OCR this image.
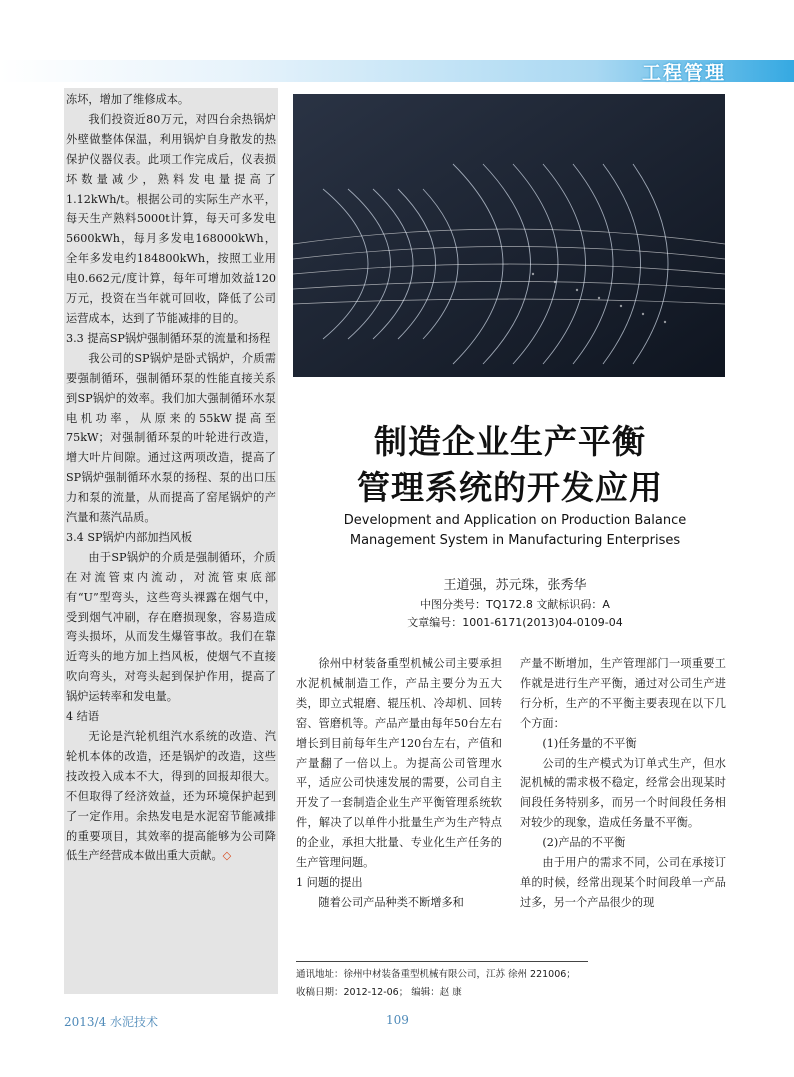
工程管理

冻坏，增加了维修成本。

我们投资近80万元，对四台余热锅炉外壁做整体保温，利用锅炉自身散发的热保护仪器仪表。此项工作完成后，仪表损坏数量减少，熟料发电量提高了1.12kWh/t。根据公司的实际生产水平，每天生产熟料5000t计算，每天可多发电5600kWh，每月多发电168000kWh，全年多发电约184800kWh，按照工业用电0.662元/度计算，每年可增加效益120万元，投资在当年就可回收，降低了公司运营成本，达到了节能减排的目的。

3.3 提高SP锅炉强制循环泵的流量和扬程

我公司的SP锅炉是卧式锅炉，介质需要强制循环，强制循环泵的性能直接关系到SP锅炉的效率。我们加大强制循环水泵电机功率，从原来的55kW提高至75kW；对强制循环泵的叶轮进行改造，增大叶片间隙。通过这两项改造，提高了SP锅炉强制循环水泵的扬程、泵的出口压力和泵的流量，从而提高了窑尾锅炉的产汽量和蒸汽品质。

3.4 SP锅炉内部加挡风板

由于SP锅炉的介质是强制循环，介质在对流管束内流动，对流管束底部有“U”型弯头，这些弯头裸露在烟气中，受到烟气冲刷，存在磨损现象，容易造成弯头损坏，从而发生爆管事故。我们在靠近弯头的地方加上挡风板，使烟气不直接吹向弯头，对弯头起到保护作用，提高了锅炉运转率和发电量。

4 结语

无论是汽轮机组汽水系统的改造、汽轮机本体的改造，还是锅炉的改造，这些技改投入成本不大，得到的回报却很大。不但取得了经济效益，还为环境保护起到了一定作用。余热发电是水泥窑节能减排的重要项目，其效率的提高能够为公司降低生产经营成本做出重大贡献。◇

制造企业生产平衡
管理系统的开发应用
Development and Application on Production Balance
Management System in Manufacturing Enterprises
王道强，苏元珠，张秀华
中图分类号：TQ172.8 文献标识码：A
文章编号：1001-6171(2013)04-0109-04

徐州中材装备重型机械公司主要承担水泥机械制造工作，产品主要分为五大类，即立式辊磨、辊压机、冷却机、回转窑、管磨机等。产品产量由每年50台左右增长到目前每年生产120台左右，产值和产量翻了一倍以上。为提高公司管理水平，适应公司快速发展的需要，公司自主开发了一套制造企业生产平衡管理系统软件，解决了以单件小批量生产为生产特点的企业，承担大批量、专业化生产任务的生产管理问题。

1 问题的提出

随着公司产品种类不断增多和

产量不断增加，生产管理部门一项重要工作就是进行生产平衡，通过对公司生产进行分析，生产的不平衡主要表现在以下几个方面：

(1)任务量的不平衡

公司的生产模式为订单式生产，但水泥机械的需求极不稳定，经常会出现某时间段任务特别多，而另一个时间段任务相对较少的现象，造成任务量不平衡。

(2)产品的不平衡

由于用户的需求不同，公司在承接订单的时候，经常出现某个时间段单一产品过多，另一个产品很少的现

通讯地址：徐州中材装备重型机械有限公司，江苏 徐州 221006；
收稿日期：2012-12-06； 编辑：赵 康
2013/4 水泥技术	109
